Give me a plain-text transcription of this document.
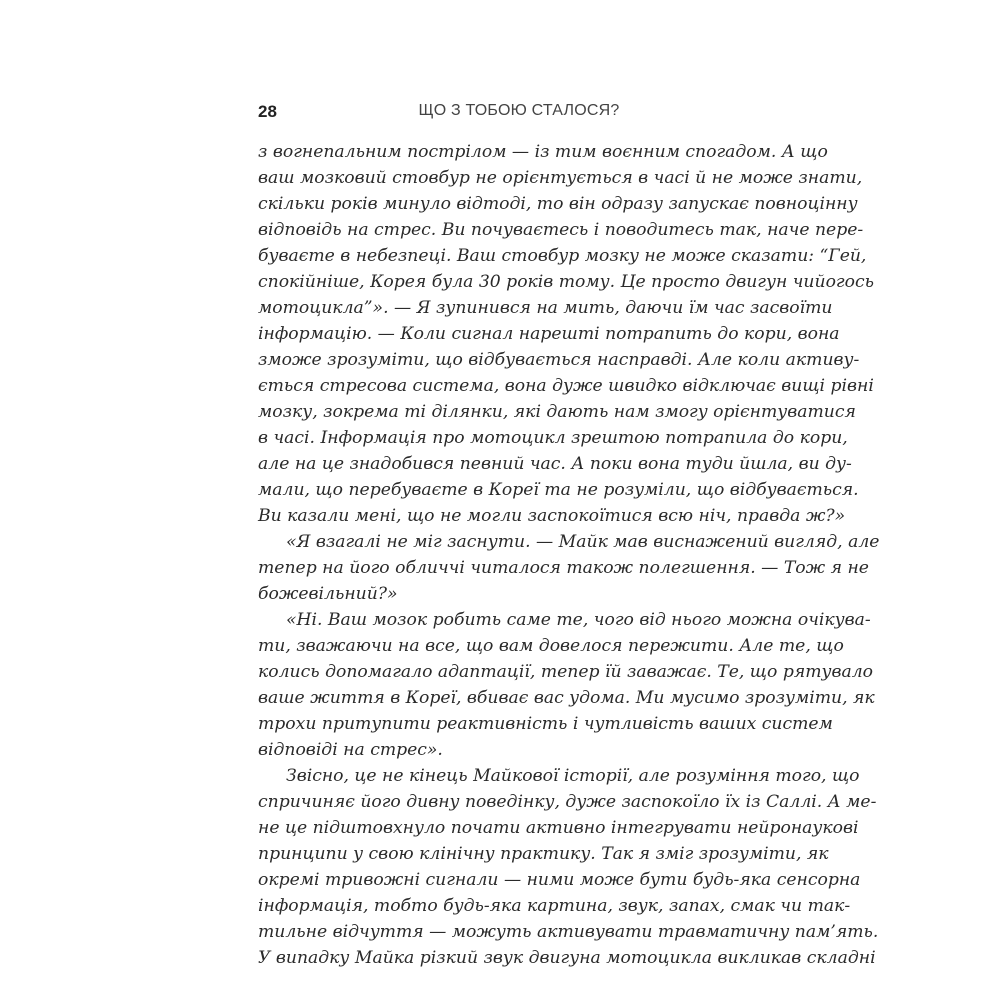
28	ЩО З ТОБОЮ СТАЛОСЯ?
з вогнепальним пострілом — із тим воєнним спогадом. А що
ваш мозковий стовбур не орієнтується в часі й не може знати,
скільки років минуло відтоді, то він одразу запускає повноцінну
відповідь на стрес. Ви почуваєтесь і поводитесь так, наче пере-
буваєте в небезпеці. Ваш стовбур мозку не може сказати: “Гей,
спокійніше, Корея була 30 років тому. Це просто двигун чийогось
мотоцикла”». — Я зупинився на мить, даючи їм час засвоїти
інформацію. — Коли сигнал нарешті потрапить до кори, вона
зможе зрозуміти, що відбувається насправді. Але коли активу-
ється стресова система, вона дуже швидко відключає вищі рівні
мозку, зокрема ті ділянки, які дають нам змогу орієнтуватися
в часі. Інформація про мотоцикл зрештою потрапила до кори,
але на це знадобився певний час. А поки вона туди йшла, ви ду-
мали, що перебуваєте в Кореї та не розуміли, що відбувається.
Ви казали мені, що не могли заспокоїтися всю ніч, правда ж?»
«Я взагалі не міг заснути. — Майк мав виснажений вигляд, але
тепер на його обличчі читалося також полегшення. — Тож я не
божевільний?»
«Ні. Ваш мозок робить саме те, чого від нього можна очікува-
ти, зважаючи на все, що вам довелося пережити. Але те, що
колись допомагало адаптації, тепер їй заважає. Те, що рятувало
ваше життя в Кореї, вбиває вас удома. Ми мусимо зрозуміти, як
трохи притупити реактивність і чутливість ваших систем
відповіді на стрес».
Звісно, це не кінець Майкової історії, але розуміння того, що
спричиняє його дивну поведінку, дуже заспокоїло їх із Саллі. А ме-
не це підштовхнуло почати активно інтегрувати нейронаукові
принципи у свою клінічну практику. Так я зміг зрозуміти, як
окремі тривожні сигнали — ними може бути будь-яка сенсорна
інформація, тобто будь-яка картина, звук, запах, смак чи так-
тильне відчуття — можуть активувати травматичну пам’ять.
У випадку Майка різкий звук двигуна мотоцикла викликав складні
